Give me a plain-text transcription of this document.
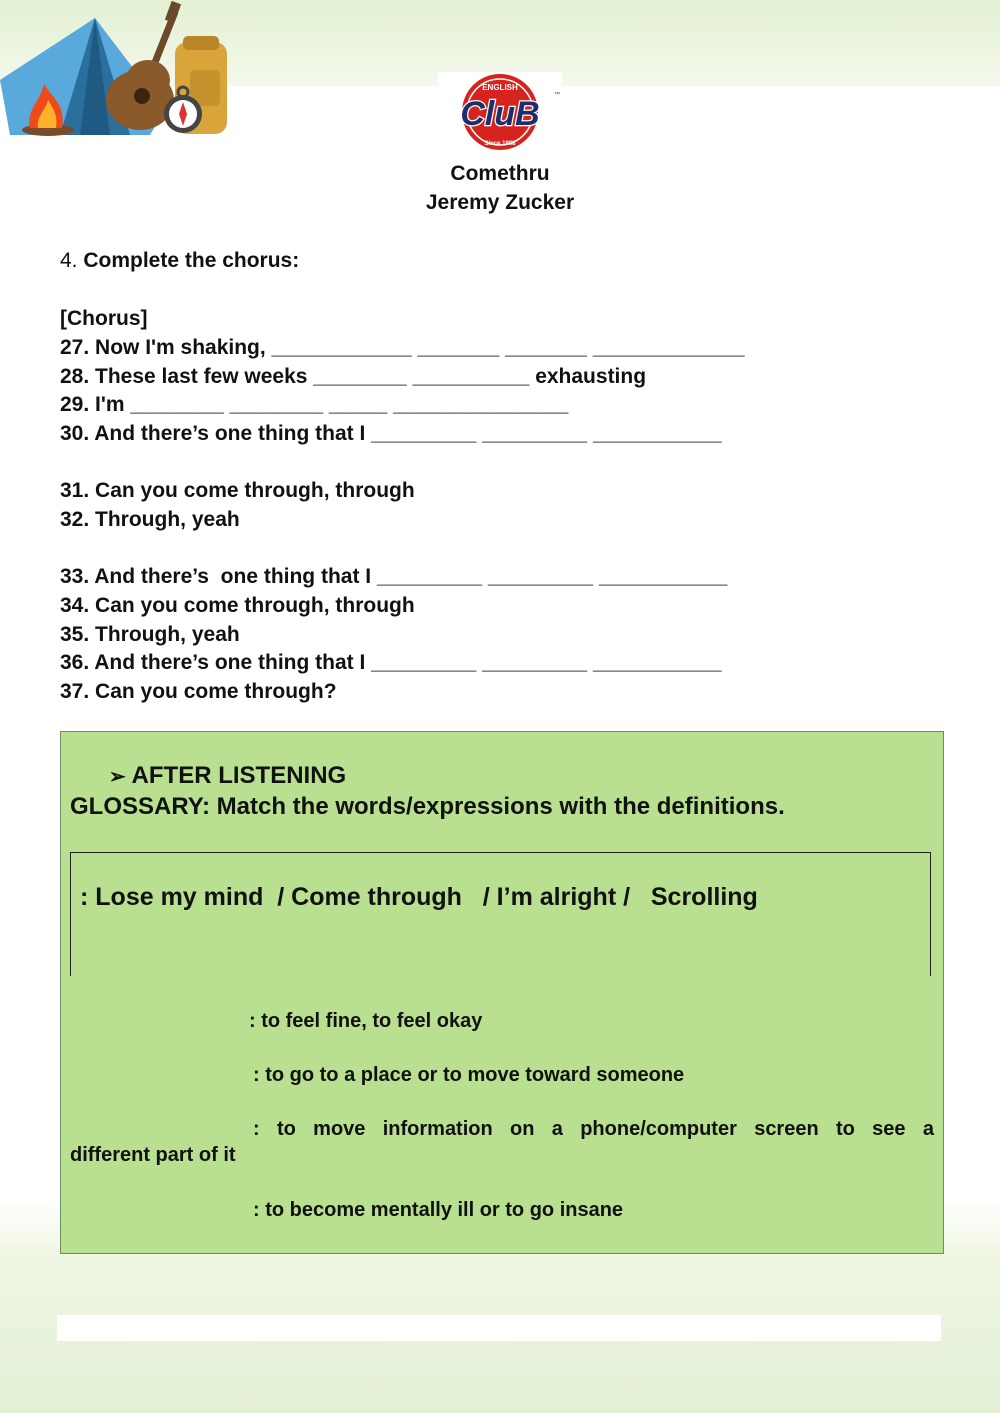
ENGLISH
Since 1998
CluB ™
Comethru
Jeremy Zucker
4. Complete the chorus:
[Chorus]
27. Now I'm shaking, ____________ _______ _______ _____________
28. These last few weeks ________ __________ exhausting
29. I'm ________ ________ _____ _______________
30. And there’s one thing that I _________ _________ ___________
31. Can you come through, through
32. Through, yeah
33. And there’s  one thing that I _________ _________ ___________
34. Can you come through, through
35. Through, yeah
36. And there’s one thing that I _________ _________ ___________
37. Can you come through?
➢ AFTER LISTENING
GLOSSARY: Match the words/expressions with the definitions.
: Lose my mind  / Come through   / I’m alright /   Scrolling
: to feel fine, to feel okay
: to go to a place or to move toward someone
: to move information on a phone/computer screen to see a
different part of it
: to become mentally ill or to go insane
